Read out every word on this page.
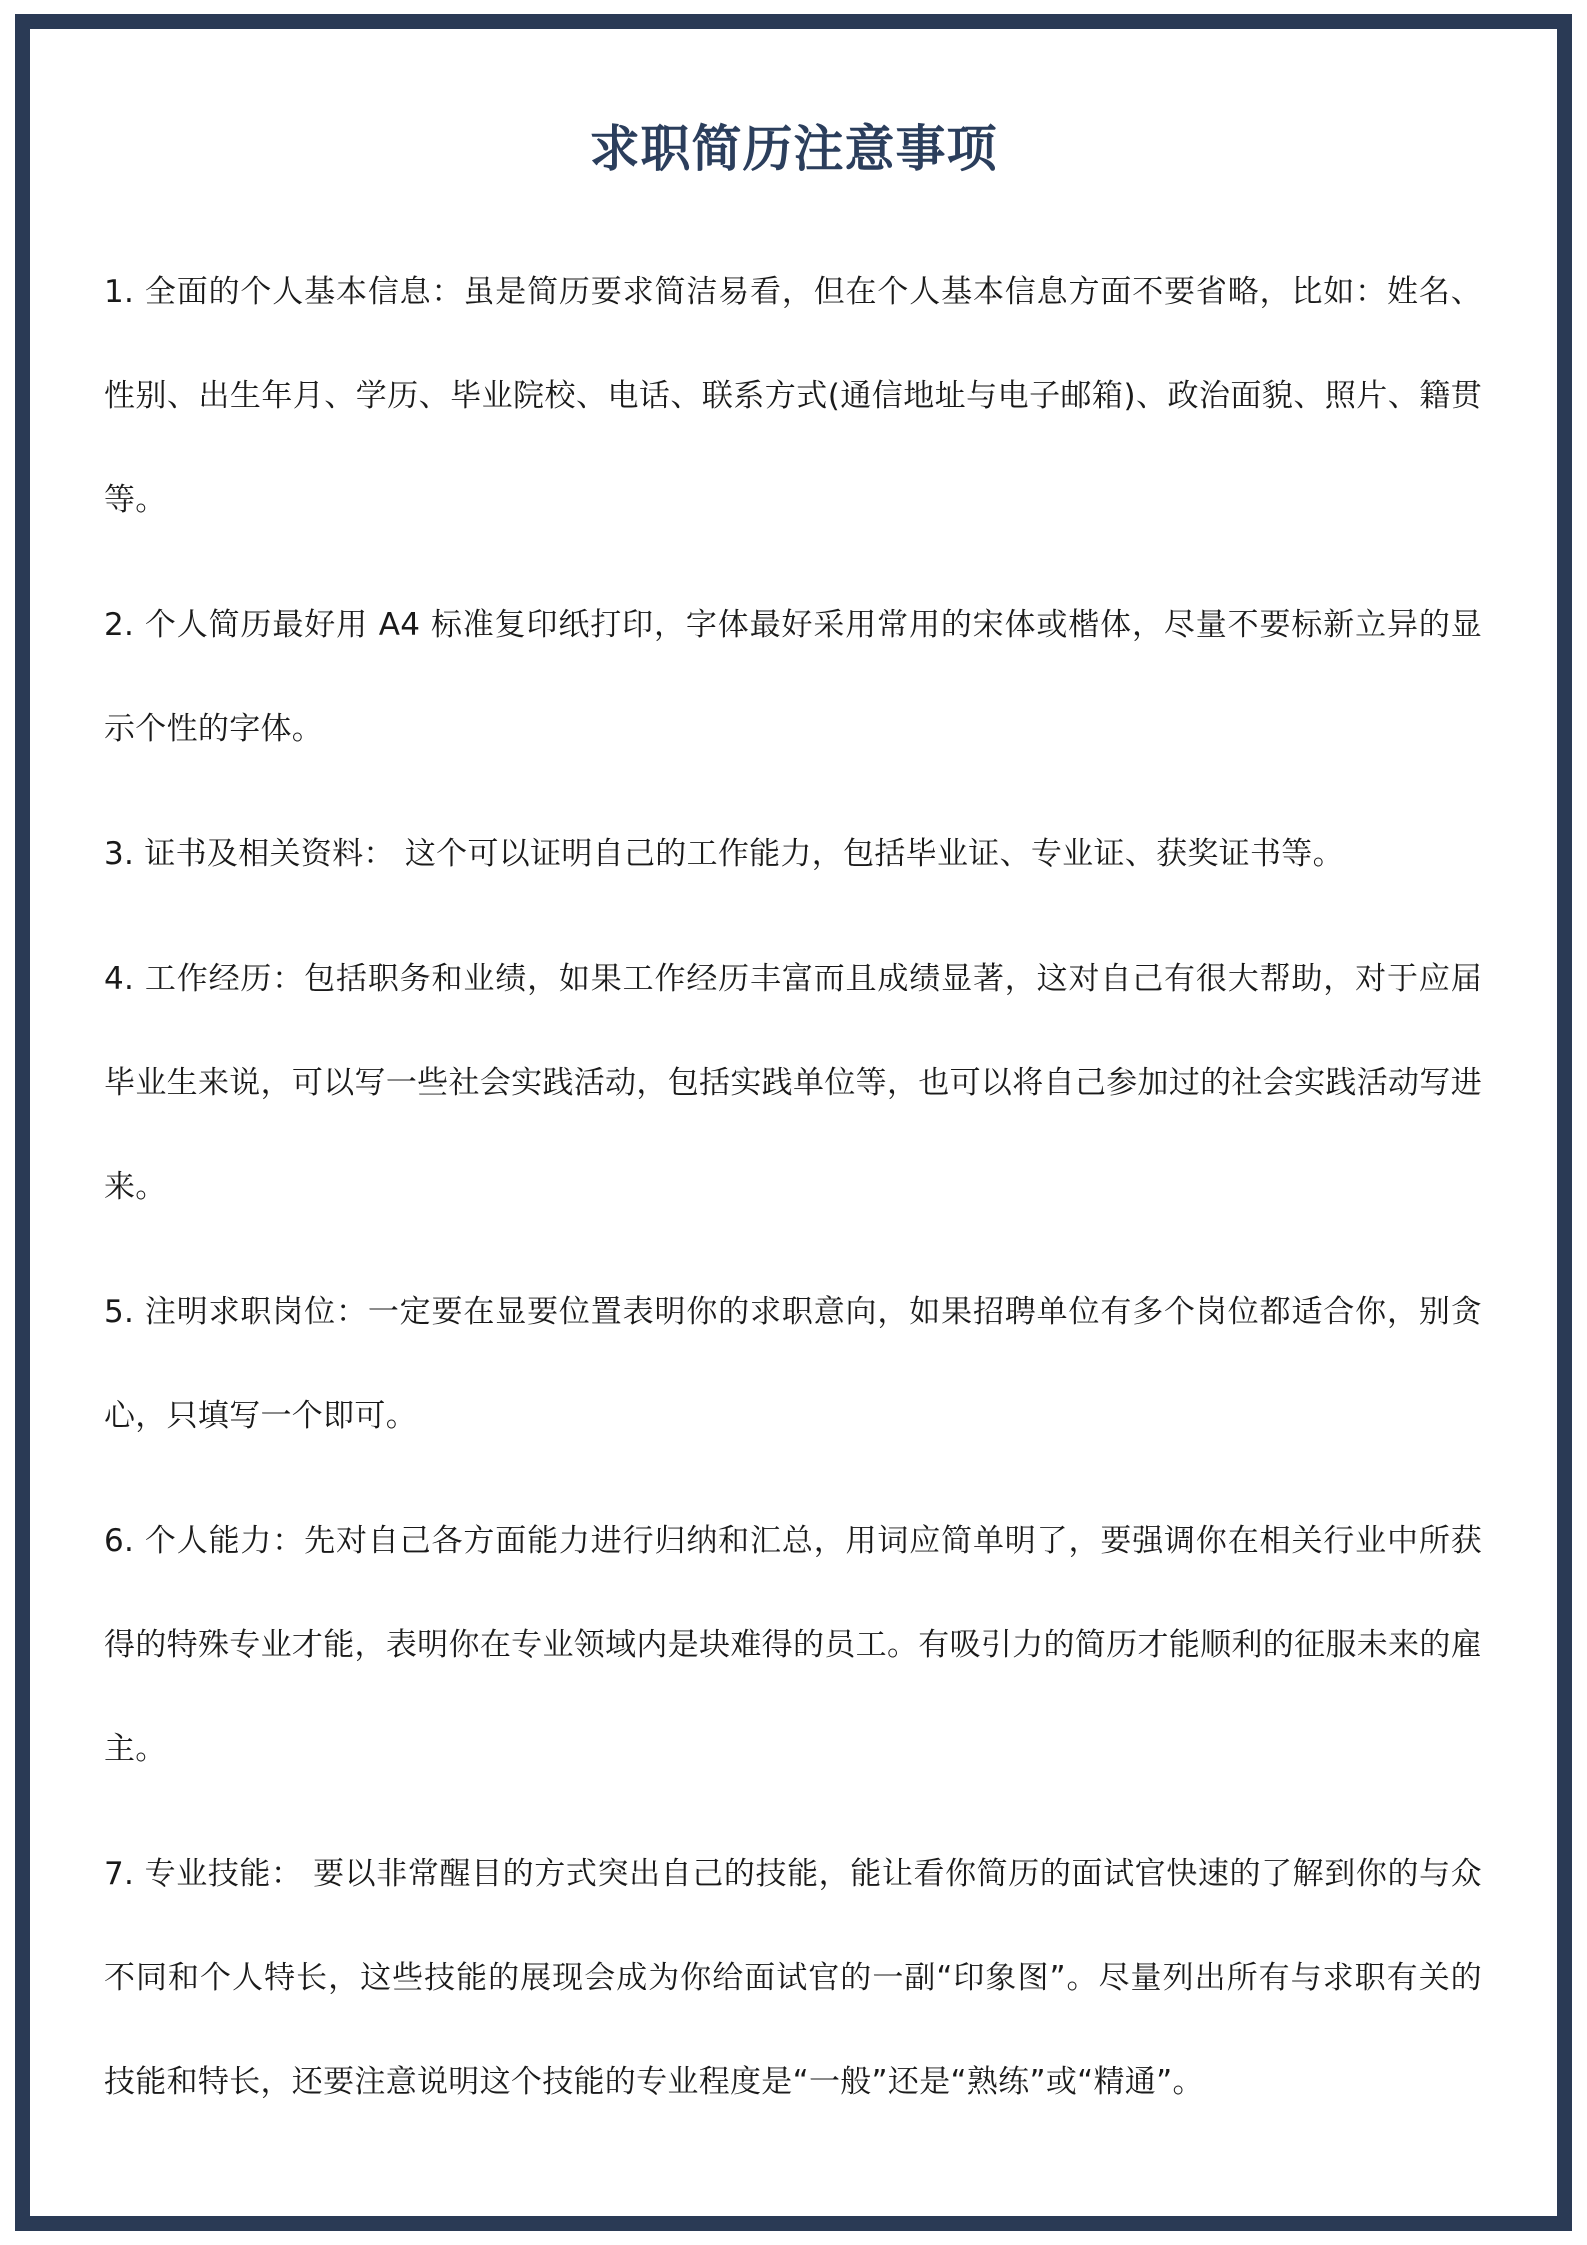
求职简历注意事项

1. 全面的个人基本信息：虽是简历要求简洁易看，但在个人基本信息方面不要省略，比如：姓名、性别、出生年月、学历、毕业院校、电话、联系方式(通信地址与电子邮箱)、政治面貌、照片、籍贯等。

2. 个人简历最好用 A4 标准复印纸打印，字体最好采用常用的宋体或楷体，尽量不要标新立异的显示个性的字体。

3. 证书及相关资料： 这个可以证明自己的工作能力，包括毕业证、专业证、获奖证书等。

4. 工作经历：包括职务和业绩，如果工作经历丰富而且成绩显著，这对自己有很大帮助，对于应届毕业生来说，可以写一些社会实践活动，包括实践单位等，也可以将自己参加过的社会实践活动写进来。

5. 注明求职岗位：一定要在显要位置表明你的求职意向，如果招聘单位有多个岗位都适合你，别贪心，只填写一个即可。

6. 个人能力：先对自己各方面能力进行归纳和汇总，用词应简单明了，要强调你在相关行业中所获得的特殊专业才能，表明你在专业领域内是块难得的员工。有吸引力的简历才能顺利的征服未来的雇主。

7. 专业技能： 要以非常醒目的方式突出自己的技能，能让看你简历的面试官快速的了解到你的与众不同和个人特长，这些技能的展现会成为你给面试官的一副“印象图”。尽量列出所有与求职有关的技能和特长，还要注意说明这个技能的专业程度是“一般”还是“熟练”或“精通”。
